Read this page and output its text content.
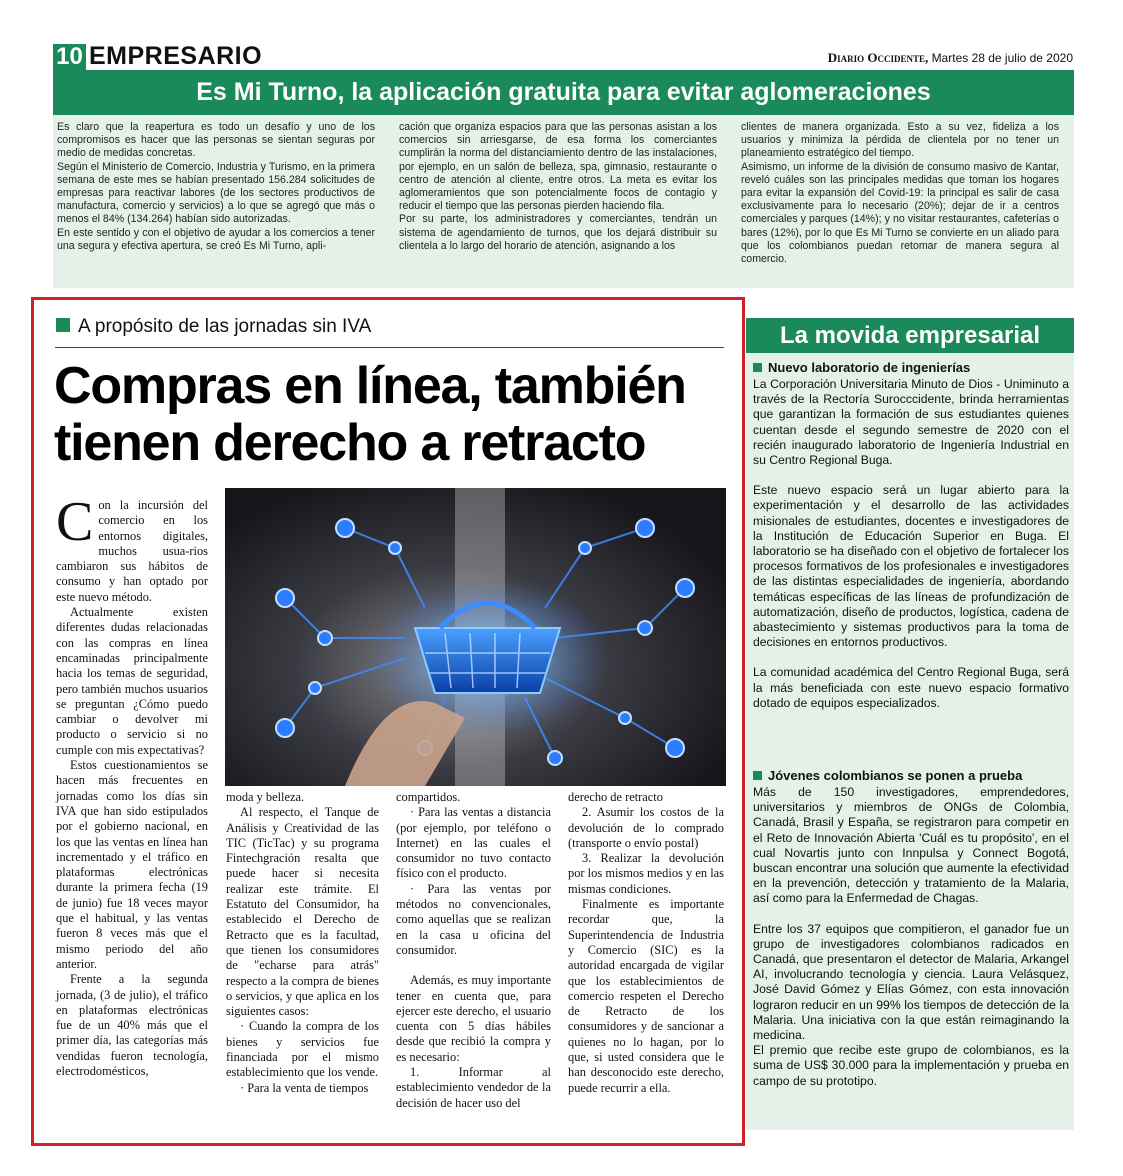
10 EMPRESARIO	Diario Occidente, Martes 28 de julio de 2020
Es Mi Turno, la aplicación gratuita para evitar aglomeraciones

Es claro que la reapertura es todo un desafío y uno de los compromisos es hacer que las personas se sientan seguras por medio de medidas concretas.

Según el Ministerio de Comercio, Industria y Turismo, en la primera semana de este mes se habían presentado 156.284 solicitudes de empresas para reactivar labores (de los sectores productivos de manufactura, comercio y servicios) a lo que se agregó que más o menos el 84% (134.264) habían sido autorizadas.

En este sentido y con el objetivo de ayudar a los comercios a tener una segura y efectiva apertura, se creó Es Mi Turno, apli-

cación que organiza espacios para que las personas asistan a los comercios sin arriesgarse, de esa forma los comerciantes cumplirán la norma del distanciamiento dentro de las instalaciones, por ejemplo, en un salón de belleza, spa, gimnasio, restaurante o centro de atención al cliente, entre otros. La meta es evitar los aglomeramientos que son potencialmente focos de contagio y reducir el tiempo que las personas pierden haciendo fila.

Por su parte, los administradores y comerciantes, tendrán un sistema de agendamiento de turnos, que los dejará distribuir su clientela a lo largo del horario de atención, asignando a los

clientes de manera organizada. Esto a su vez, fideliza a los usuarios y minimiza la pérdida de clientela por no tener un planeamiento estratégico del tiempo.

Asimismo, un informe de la división de consumo masivo de Kantar, reveló cuáles son las principales medidas que toman los hogares para evitar la expansión del Covid-19: la principal es salir de casa exclusivamente para lo necesario (20%); dejar de ir a centros comerciales y parques (14%); y no visitar restaurantes, cafeterías o bares (12%), por lo que Es Mi Turno se convierte en un aliado para que los colombianos puedan retomar de manera segura al comercio.

A propósito de las jornadas sin IVA
Compras en línea, también tienen derecho a retracto

Con la incursión del comercio en los entornos digitales, muchos usua-rios cambiaron sus hábitos de consumo y han optado por este nuevo método.

Actualmente existen diferentes dudas relacionadas con las compras en línea encaminadas principalmente hacia los temas de seguridad, pero también muchos usuarios se preguntan ¿Cómo puedo cambiar o devolver mi producto o servicio si no cumple con mis expectativas?

Estos cuestionamientos se hacen más frecuentes en jornadas como los días sin IVA que han sido estipulados por el gobierno nacional, en los que las ventas en línea han incrementado y el tráfico en plataformas electrónicas durante la primera fecha (19 de junio) fue 18 veces mayor que el habitual, y las ventas fueron 8 veces más que el mismo periodo del año anterior.

Frente a la segunda jornada, (3 de julio), el tráfico en plataformas electrónicas fue de un 40% más que el primer día, las categorías más vendidas fueron tecnología, electrodomésticos,

moda y belleza.

Al respecto, el Tanque de Análisis y Creatividad de las TIC (TicTac) y su programa Fintechgración resalta que puede hacer si necesita realizar este trámite. El Estatuto del Consumidor, ha establecido el Derecho de Retracto que es la facultad, que tienen los consumidores de "echarse para atrás" respecto a la compra de bienes o servicios, y que aplica en los siguientes casos:

· Cuando la compra de los bienes y servicios fue financiada por el mismo establecimiento que los vende.

· Para la venta de tiempos

compartidos.

· Para las ventas a distancia (por ejemplo, por teléfono o Internet) en las cuales el consumidor no tuvo contacto físico con el producto.

· Para las ventas por métodos no convencionales, como aquellas que se realizan en la casa u oficina del consumidor.

Además, es muy importante tener en cuenta que, para ejercer este derecho, el usuario cuenta con 5 días hábiles desde que recibió la compra y es necesario:

1. Informar al establecimiento vendedor de la decisión de hacer uso del

derecho de retracto

2. Asumir los costos de la devolución de lo comprado (transporte o envío postal)

3. Realizar la devolución por los mismos medios y en las mismas condiciones.

Finalmente es importante recordar que, la Superintendencia de Industria y Comercio (SIC) es la autoridad encargada de vigilar que los establecimientos de comercio respeten el Derecho de Retracto de los consumidores y de sancionar a quienes no lo hagan, por lo que, si usted considera que le han desconocido este derecho, puede recurrir a ella.

La movida empresarial
Nuevo laboratorio de ingenierías

La Corporación Universitaria Minuto de Dios - Uniminuto a través de la Rectoría Surocccidente, brinda herramientas que garantizan la formación de sus estudiantes quienes cuentan desde el segundo semestre de 2020 con el recién inaugurado laboratorio de Ingeniería Industrial en su Centro Regional Buga.

Este nuevo espacio será un lugar abierto para la experimentación y el desarrollo de las actividades misionales de estudiantes, docentes e investigadores de la Institución de Educación Superior en Buga. El laboratorio se ha diseñado con el objetivo de fortalecer los procesos formativos de los profesionales e investigadores de las distintas especialidades de ingeniería, abordando temáticas específicas de las líneas de profundización de automatización, diseño de productos, logística, cadena de abastecimiento y sistemas productivos para la toma de decisiones en entornos productivos.

La comunidad académica del Centro Regional Buga, será la más beneficiada con este nuevo espacio formativo dotado de equipos especializados.

Jóvenes colombianos se ponen a prueba

Más de 150 investigadores, emprendedores, universitarios y miembros de ONGs de Colombia, Canadá, Brasil y España, se registraron para competir en el Reto de Innovación Abierta 'Cuál es tu propósito', en el cual Novartis junto con Innpulsa y Connect Bogotá, buscan encontrar una solución que aumente la efectividad en la prevención, detección y tratamiento de la Malaria, así como para la Enfermedad de Chagas.

Entre los 37 equipos que compitieron, el ganador fue un grupo de investigadores colombianos radicados en Canadá, que presentaron el detector de Malaria, Arkangel AI, involucrando tecnología y ciencia. Laura Velásquez, José David Gómez y Elías Gómez, con esta innovación lograron reducir en un 99% los tiempos de detección de la Malaria. Una iniciativa con la que están reimaginando la medicina.

El premio que recibe este grupo de colombianos, es la suma de US$ 30.000 para la implementación y prueba en campo de su prototipo.
